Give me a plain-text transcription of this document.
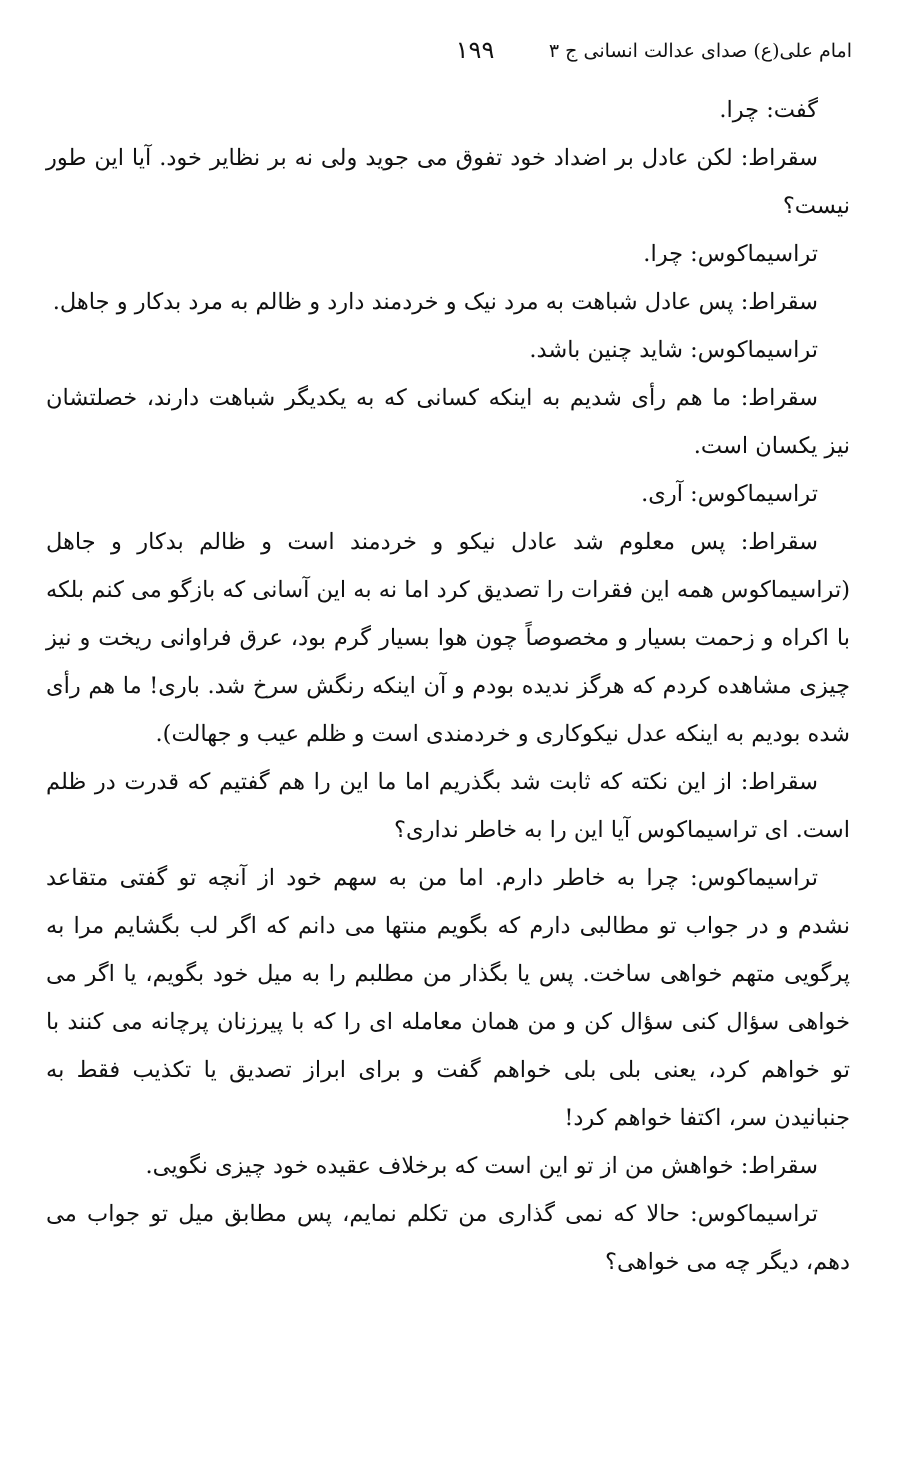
امام علی(ع) صدای عدالت انسانی ج ۳
۱۹۹

گفت: چرا.

سقراط: لکن عادل بر اضداد خود تفوق می جوید ولی نه بر نظایر خود. آیا این طور نیست؟

تراسیماکوس: چرا.

سقراط: پس عادل شباهت به مرد نیک و خردمند دارد و ظالم به مرد بدکار و جاهل.

تراسیماکوس: شاید چنین باشد.

سقراط: ما هم رأی شدیم به اینکه کسانی که به یکدیگر شباهت دارند، خصلتشان نیز یکسان است.

تراسیماکوس: آری.

سقراط: پس معلوم شد عادل نیکو و خردمند است و ظالم بدکار و جاهل (تراسیماکوس همه این فقرات را تصدیق کرد اما نه به این آسانی که بازگو می کنم بلکه با اکراه و زحمت بسیار و مخصوصاً چون هوا بسیار گرم بود، عرق فراوانی ریخت و نیز چیزی مشاهده کردم که هرگز ندیده بودم و آن اینکه رنگش سرخ شد. باری! ما هم رأی شده بودیم به اینکه عدل نیکوکاری و خردمندی است و ظلم عیب و جهالت).

سقراط: از این نکته که ثابت شد بگذریم اما ما این را هم گفتیم که قدرت در ظلم است. ای تراسیماکوس آیا این را به خاطر نداری؟

تراسیماکوس: چرا به خاطر دارم. اما من به سهم خود از آنچه تو گفتی متقاعد نشدم و در جواب تو مطالبی دارم که بگویم منتها می دانم که اگر لب بگشایم مرا به پرگویی متهم خواهی ساخت. پس یا بگذار من مطلبم را به میل خود بگویم، یا اگر می خواهی سؤال کنی سؤال کن و من همان معامله ای را که با پیرزنان پرچانه می کنند با تو خواهم کرد، یعنی بلی بلی خواهم گفت و برای ابراز تصدیق یا تکذیب فقط به جنبانیدن سر، اکتفا خواهم کرد!

سقراط: خواهش من از تو این است که برخلاف عقیده خود چیزی نگویی.

تراسیماکوس: حالا که نمی گذاری من تکلم نمایم، پس مطابق میل تو جواب می دهم، دیگر چه می خواهی؟
